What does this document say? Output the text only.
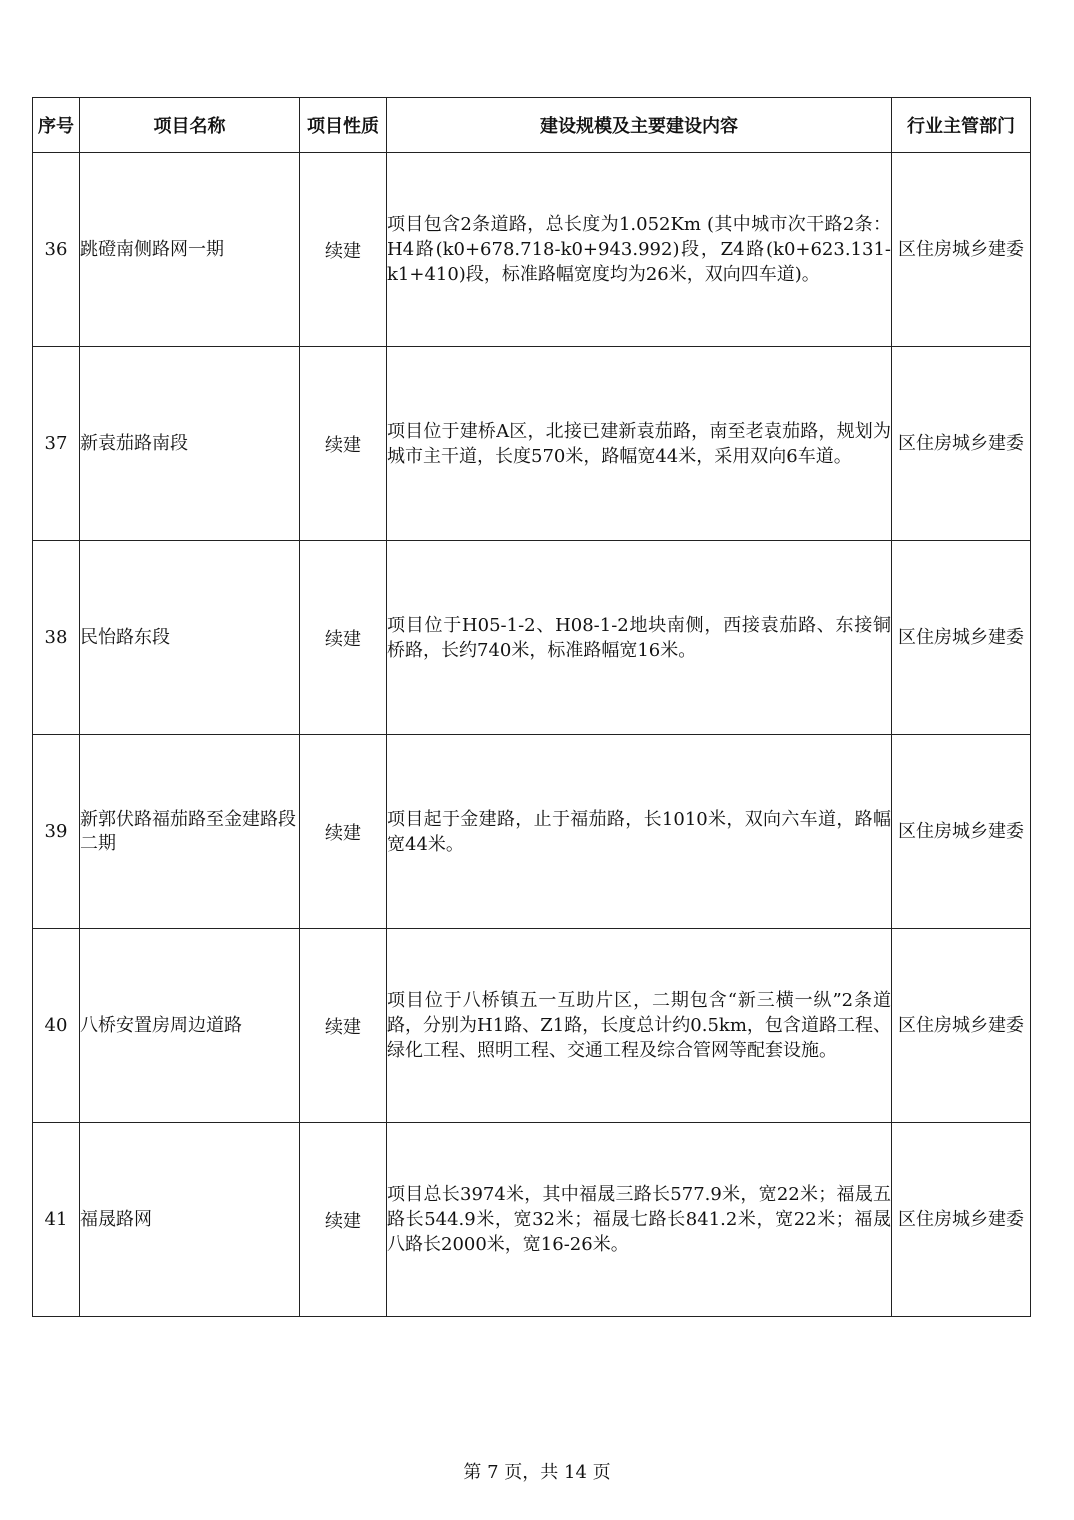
序号	项目名称	项目性质	建设规模及主要建设内容	行业主管部门
36	跳磴南侧路网一期	续建	项目包含2条道路，总长度为1.052Km (其中城市次干路2条：H4路(k0+678.718-k0+943.992)段，Z4路(k0+623.131-k1+410)段，标准路幅宽度均为26米，双向四车道)。	区住房城乡建委
37	新袁茄路南段	续建	项目位于建桥A区，北接已建新袁茄路，南至老袁茄路，规划为城市主干道，长度570米，路幅宽44米，采用双向6车道。	区住房城乡建委
38	民怡路东段	续建	项目位于H05-1-2、H08-1-2地块南侧，西接袁茄路、东接铜桥路，长约740米，标准路幅宽16米。	区住房城乡建委
39	新郭伏路福茄路至金建路段二期	续建	项目起于金建路，止于福茄路，长1010米，双向六车道，路幅宽44米。	区住房城乡建委
40	八桥安置房周边道路	续建	项目位于八桥镇五一互助片区，二期包含“新三横一纵”2条道路，分别为H1路、Z1路，长度总计约0.5km，包含道路工程、绿化工程、照明工程、交通工程及综合管网等配套设施。	区住房城乡建委
41	福晟路网	续建	项目总长3974米，其中福晟三路长577.9米，宽22米；福晟五路长544.9米，宽32米；福晟七路长841.2米，宽22米；福晟八路长2000米，宽16-26米。	区住房城乡建委
第 7 页，共 14 页
